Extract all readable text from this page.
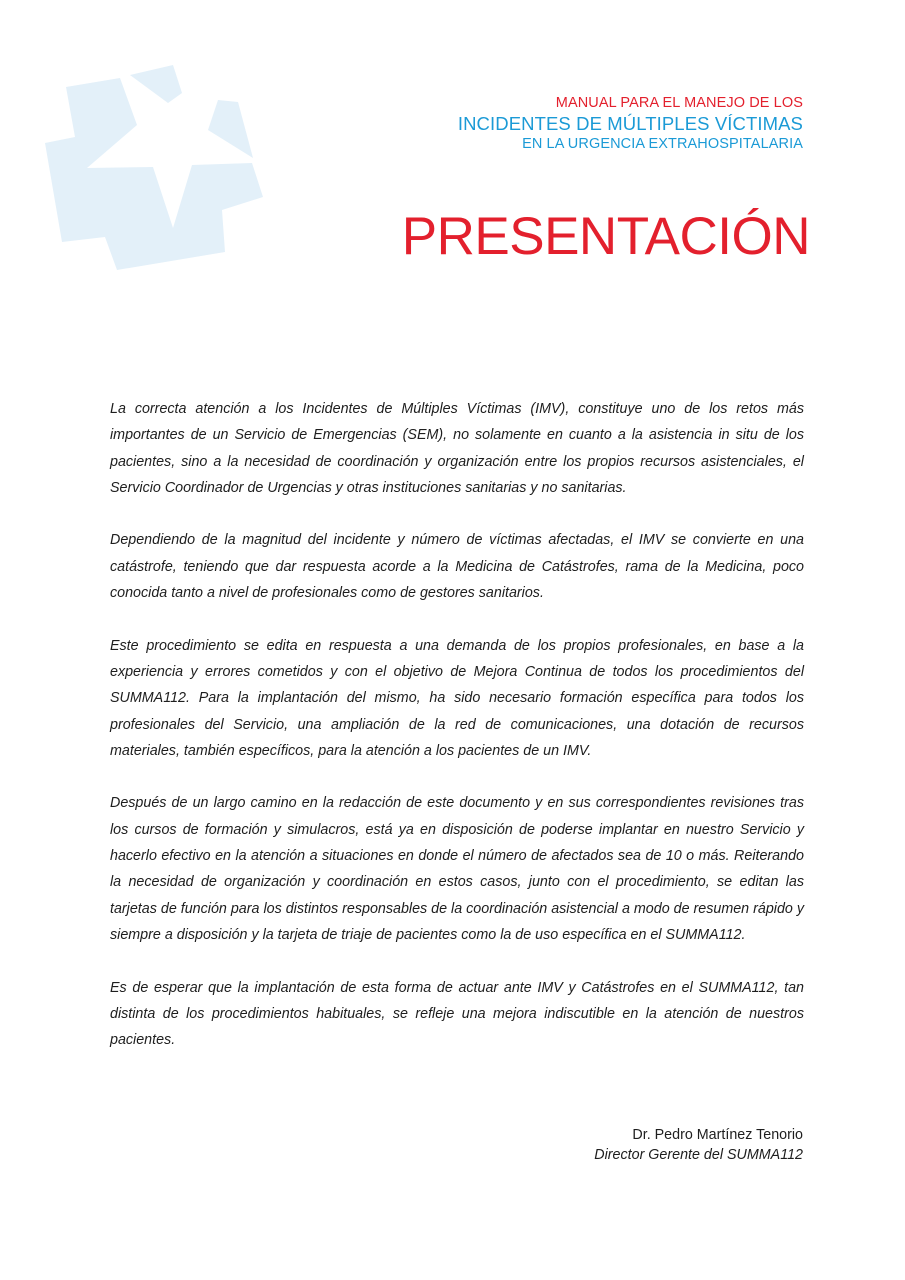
MANUAL PARA EL MANEJO DE LOS
INCIDENTES DE MÚLTIPLES VÍCTIMAS
EN LA URGENCIA EXTRAHOSPITALARIA
PRESENTACIÓN

La correcta atención a los Incidentes de Múltiples Víctimas (IMV), constituye uno de los retos más importantes de un Servicio de Emergencias (SEM), no solamente en cuanto a la asistencia in situ de los pacientes, sino a la necesidad de coordinación y organización entre los propios recursos asistenciales, el Servicio Coordinador de Urgencias y otras instituciones sanitarias y no sanitarias.

Dependiendo de la magnitud del incidente y número de víctimas afectadas, el IMV se convierte en una catástrofe, teniendo que dar respuesta acorde a la Medicina de Catástrofes, rama de la Medicina, poco conocida tanto a nivel de profesionales como de gestores sanitarios.

Este procedimiento se edita en respuesta a una demanda de los propios profesionales, en base a la experiencia y errores cometidos y con el objetivo de Mejora Continua de todos los procedimientos del SUMMA112. Para la implantación del mismo, ha sido necesario formación específica para todos los profesionales del Servicio, una ampliación de la red de comunicaciones, una dotación de recursos materiales, también específicos, para la atención a los pacientes de un IMV.

Después de un largo camino en la redacción de este documento y en sus correspondientes revisiones tras los cursos de formación y simulacros, está ya en disposición de poderse implantar en nuestro Servicio y hacerlo efectivo en la atención a situaciones en donde el número de afectados sea de 10 o más. Reiterando la necesidad de organización y coordinación en estos casos, junto con el procedimiento, se editan las tarjetas de función para los distintos responsables de la coordinación asistencial a modo de resumen rápido y siempre a disposición y la tarjeta de triaje de pacientes como la de uso específica en el SUMMA112.

Es de esperar que la implantación de esta forma de actuar ante IMV y Catástrofes en el SUMMA112, tan distinta de los procedimientos habituales, se refleje una mejora indiscutible en la atención de nuestros pacientes.

Dr. Pedro Martínez Tenorio
Director Gerente del SUMMA112
